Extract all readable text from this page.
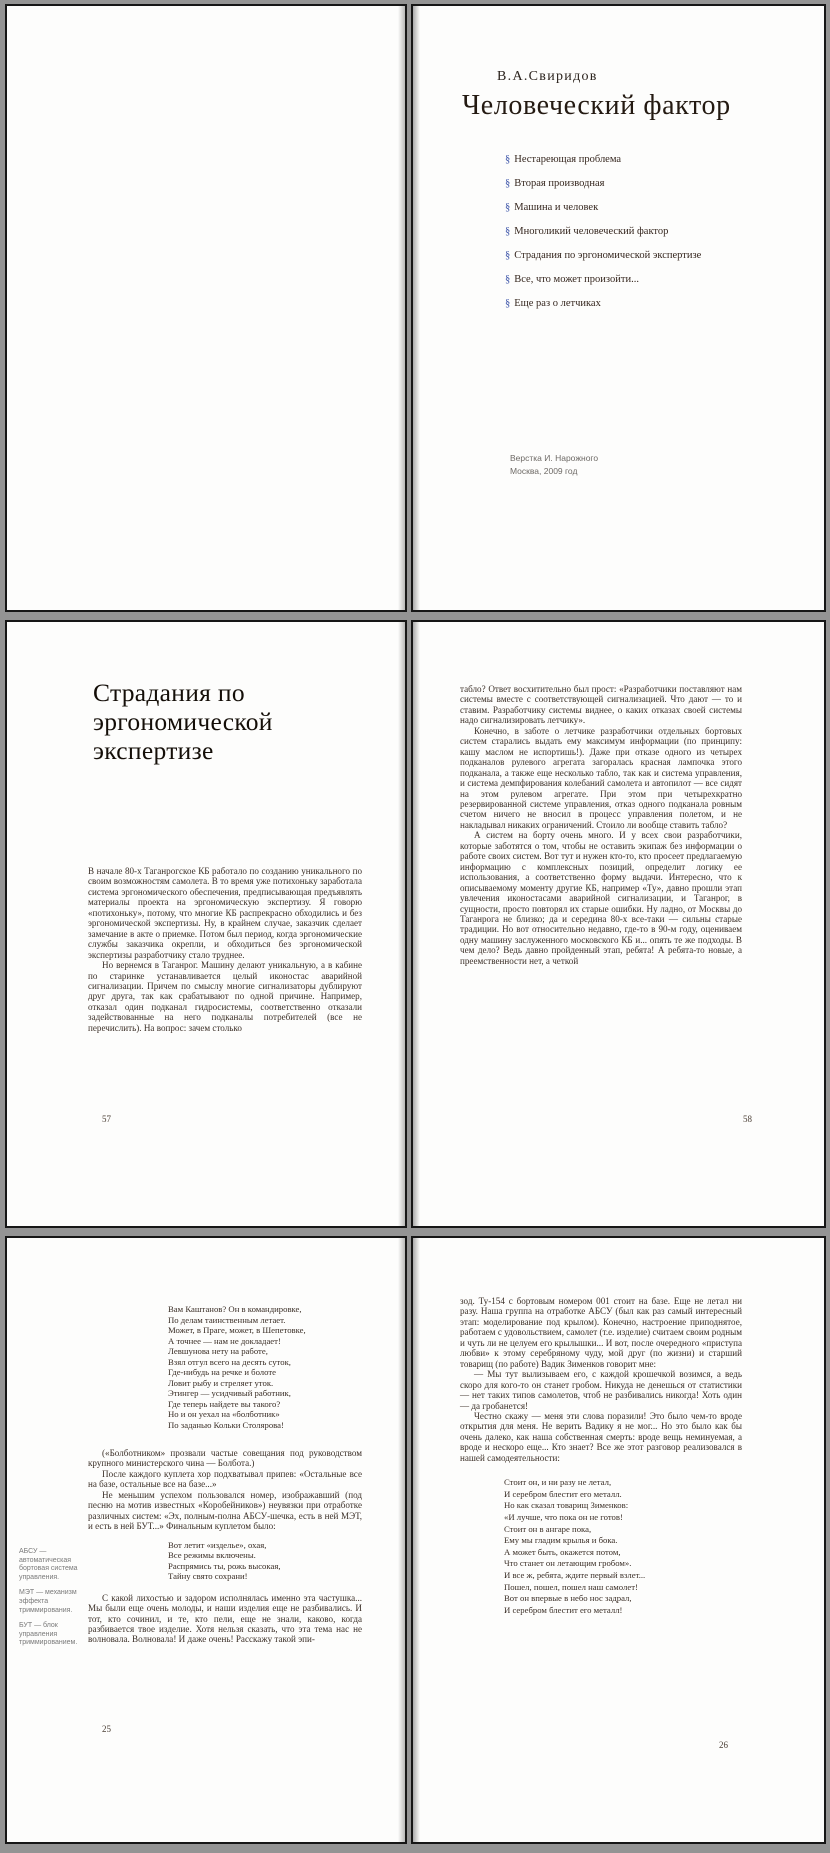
В.А.Свиридов
Человеческий фактор
§ Нестареющая проблема
§ Вторая производная
§ Машина и человек
§ Многоликий человеческий фактор
§ Страдания по эргономической экспертизе
§ Все, что может произойти...
§ Еще раз о летчиках
Верстка И. Нарожного
Москва, 2009 год
Страдания по
эргономической
экспертизе

В начале 80-х Таганрогское КБ работало по созданию уникального по своим возможностям самолета. В то время уже потихоньку заработала система эргономического обеспечения, предписывающая предъявлять материалы проекта на эргономическую экспертизу. Я говорю «потихоньку», потому, что многие КБ распрекрасно обходились и без эргономической экспертизы. Ну, в крайнем случае, заказчик сделает замечание в акте о приемке. Потом был период, когда эргономические службы заказчика окрепли, и обходиться без эргономической экспертизы разработчику стало труднее.

Но вернемся в Таганрог. Машину делают уникальную, а в кабине по старинке устанавливается целый иконостас аварийной сигнализации. Причем по смыслу многие сигнализаторы дублируют друг друга, так как срабатывают по одной причине. Например, отказал один подканал гидросистемы, соответственно отказали задействованные на него подканалы потребителей (все не перечислить). На вопрос: зачем столько

57

табло? Ответ восхитительно был прост: «Разработчики поставляют нам системы вместе с соответствующей сигнализацией. Что дают — то и ставим. Разработчику системы виднее, о каких отказах своей системы надо сигнализировать летчику».

Конечно, в заботе о летчике разработчики отдельных бортовых систем старались выдать ему максимум информации (по принципу: кашу маслом не испортишь!). Даже при отказе одного из четырех подканалов рулевого агрегата загоралась красная лампочка этого подканала, а также еще несколько табло, так как и система управления, и система демпфирования колебаний самолета и автопилот — все сидят на этом рулевом агрегате. При этом при четырехкратно резервированной системе управления, отказ одного подканала ровным счетом ничего не вносил в процесс управления полетом, и не накладывал никаких ограничений. Стоило ли вообще ставить табло?

А систем на борту очень много. И у всех свои разработчики, которые заботятся о том, чтобы не оставить экипаж без информации о работе своих систем. Вот тут и нужен кто-то, кто просеет предлагаемую информацию с комплексных позиций, определит логику ее использования, а соответственно форму выдачи. Интересно, что к описываемому моменту другие КБ, например «Ту», давно прошли этап увлечения иконостасами аварийной сигнализации, и Таганрог, в сущности, просто повторял их старые ошибки. Ну ладно, от Москвы до Таганрога не близко; да и середина 80-х все-таки — сильны старые традиции. Но вот относительно недавно, где-то в 90-м году, оцениваем одну машину заслуженного московского КБ и... опять те же подходы. В чем дело? Ведь давно пройденный этап, ребята! А ребята-то новые, а преемственности нет, а четкой

58
Вам Каштанов? Он в командировке,
По делам таинственным летает.
Может, в Праге, может, в Шепетовке,
А точнее — нам не докладает!
Левшунова нету на работе,
Взял отгул всего на десять суток,
Где-нибудь на речке и болоте
Ловит рыбу и стреляет уток.
Этингер — усидчивый работник,
Где теперь найдете вы такого?
Но и он уехал на «болботник»
По заданью Кольки Столярова!

(«Болботником» прозвали частые совещания под руководством крупного министерского чина — Болбота.)

После каждого куплета хор подхватывал припев: «Остальные все на базе, остальные все на базе...»

Не меньшим успехом пользовался номер, изображавший (под песню на мотив известных «Коробейников») неувязки при отработке различных систем: «Эх, полным-полна АБСУ-шечка, есть в ней МЭТ, и есть в ней БУТ...» Финальным куплетом было:

Вот летит «изделье», охая,
Все режимы включены.
Распрямись ты, рожь высокая,
Тайну свято сохрани!

С какой лихостью и задором исполнялась именно эта частушка... Мы были еще очень молоды, и наши изделия еще не разбивались. И тот, кто сочинил, и те, кто пели, еще не знали, каково, когда разбивается твое изделие. Хотя нельзя сказать, что эта тема нас не волновала. Волновала! И даже очень! Расскажу такой эпи-

АБСУ — автоматическая бортовая система управления.

МЭТ — механизм эффекта триммирования.

БУТ — блок управления триммированием.

25

зод. Ту-154 с бортовым номером 001 стоит на базе. Еще не летал ни разу. Наша группа на отработке АБСУ (был как раз самый интересный этап: моделирование под крылом). Конечно, настроение приподнятое, работаем с удовольствием, самолет (т.е. изделие) считаем своим родным и чуть ли не целуем его крылышки... И вот, после очередного «приступа любви» к этому серебряному чуду, мой друг (по жизни) и старший товарищ (по работе) Вадик Зименков говорит мне:

— Мы тут вылизываем его, с каждой крошечкой возимся, а ведь скоро для кого-то он станет гробом. Никуда не денешься от статистики — нет таких типов самолетов, чтоб не разбивались никогда! Хоть один — да гробанется!

Честно скажу — меня эти слова поразили! Это было чем-то вроде открытия для меня. Не верить Вадику я не мог... Но это было как бы очень далеко, как наша собственная смерть: вроде вещь неминуемая, а вроде и нескоро еще... Кто знает? Все же этот разговор реализовался в нашей самодеятельности:

Стоит он, и ни разу не летал,
И серебром блестит его металл.
Но как сказал товарищ Зименков:
«И лучше, что пока он не готов!
Стоит он в ангаре пока,
Ему мы гладим крылья и бока.
А может быть, окажется потом,
Что станет он летающим гробом».
И все ж, ребята, ждите первый взлет...
Пошел, пошел, пошел наш самолет!
Вот он впервые в небо нос задрал,
И серебром блестит его металл!
26
